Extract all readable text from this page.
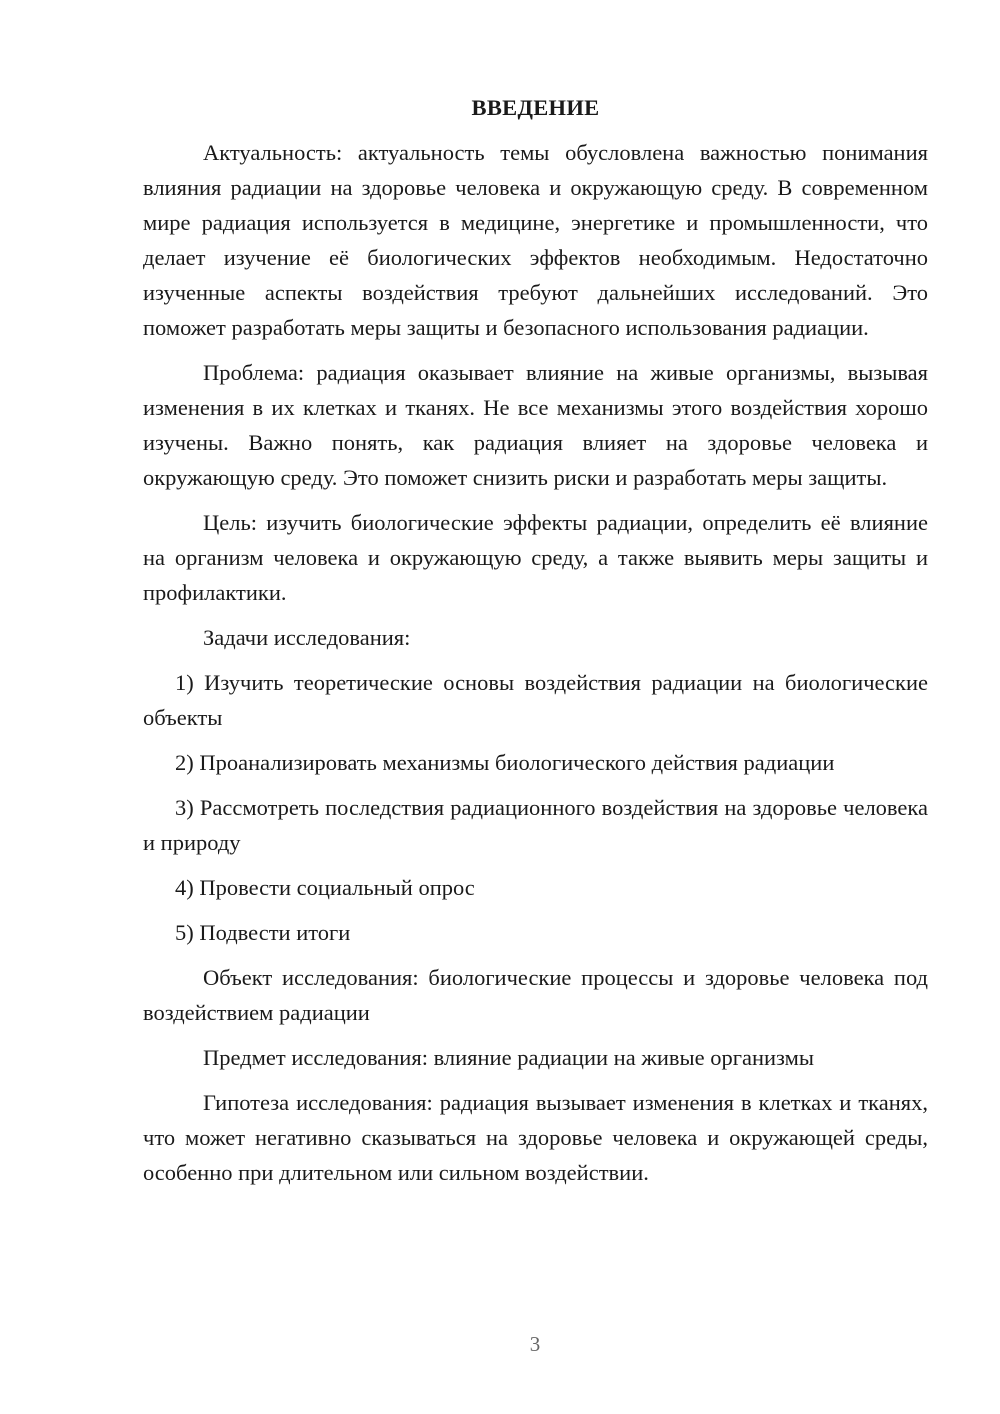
ВВЕДЕНИЕ

Актуальность: актуальность темы обусловлена важностью понимания влияния радиации на здоровье человека и окружающую среду. В современном мире радиация используется в медицине, энергетике и промышленности, что делает изучение её биологических эффектов необходимым. Недостаточно изученные аспекты воздействия требуют дальнейших исследований. Это поможет разработать меры защиты и безопасного использования радиации.

Проблема: радиация оказывает влияние на живые организмы, вызывая изменения в их клетках и тканях. Не все механизмы этого воздействия хорошо изучены. Важно понять, как радиация влияет на здоровье человека и окружающую среду. Это поможет снизить риски и разработать меры защиты.

Цель: изучить биологические эффекты радиации, определить её влияние на организм человека и окружающую среду, а также выявить меры защиты и профилактики.

Задачи исследования:

1) Изучить теоретические основы воздействия радиации на биологические объекты

2) Проанализировать механизмы биологического действия радиации

3) Рассмотреть последствия радиационного воздействия на здоровье человека и природу

4) Провести социальный опрос

5) Подвести итоги

Объект исследования: биологические процессы и здоровье человека под воздействием радиации

Предмет исследования: влияние радиации на живые организмы

Гипотеза исследования: радиация вызывает изменения в клетках и тканях, что может негативно сказываться на здоровье человека и окружающей среды, особенно при длительном или сильном воздействии.

3
